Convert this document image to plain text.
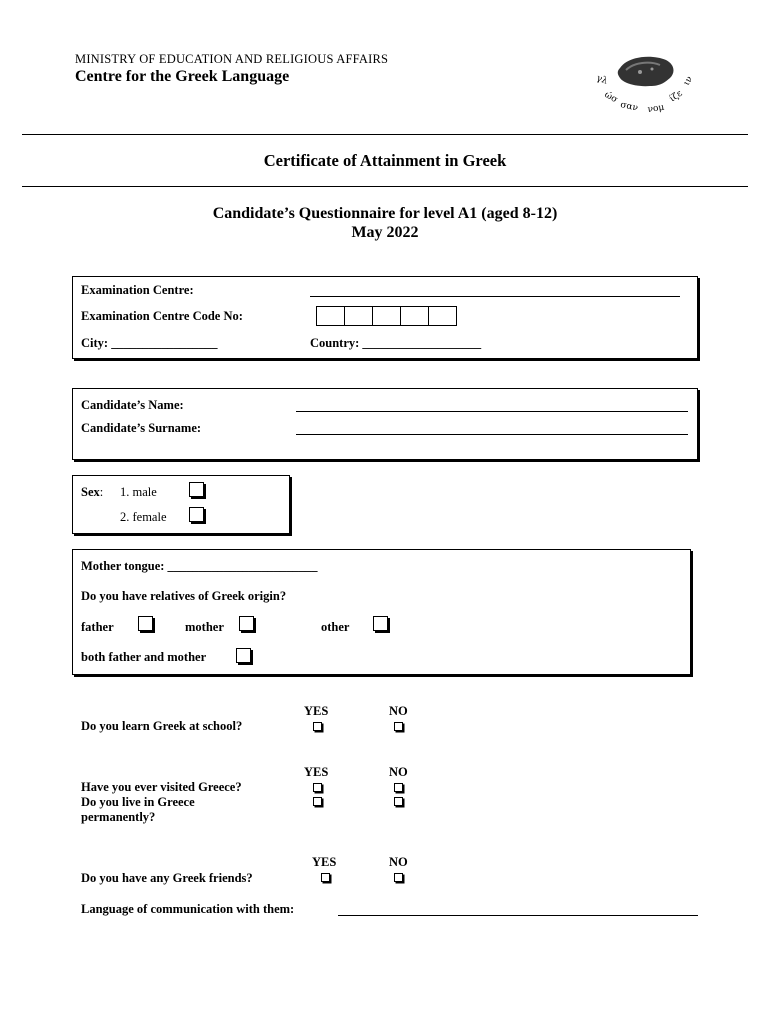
MINISTRY OF EDUCATION AND RELIGIOUS AFFAIRS
Centre for the Greek Language	γλ
ώσ
σαν νομ
ίζε
ιν
Certificate of Attainment in Greek
Candidate’s Questionnaire for level A1 (aged 8-12)
May 2022
Examination Centre:
Examination Centre Code No:
City: _________________	Country: ___________________
Candidate’s Name:
Candidate’s Surname:
Sex: 1. male
2. female
Mother tongue: ________________________
Do you have relatives of Greek origin?
father	mother	other
both father and mother
YES	NO
Do you learn Greek at school?
YES	NO
Have you ever visited Greece?
Do you live in Greece
permanently?
YES	NO
Do you have any Greek friends?
Language of communication with them:
